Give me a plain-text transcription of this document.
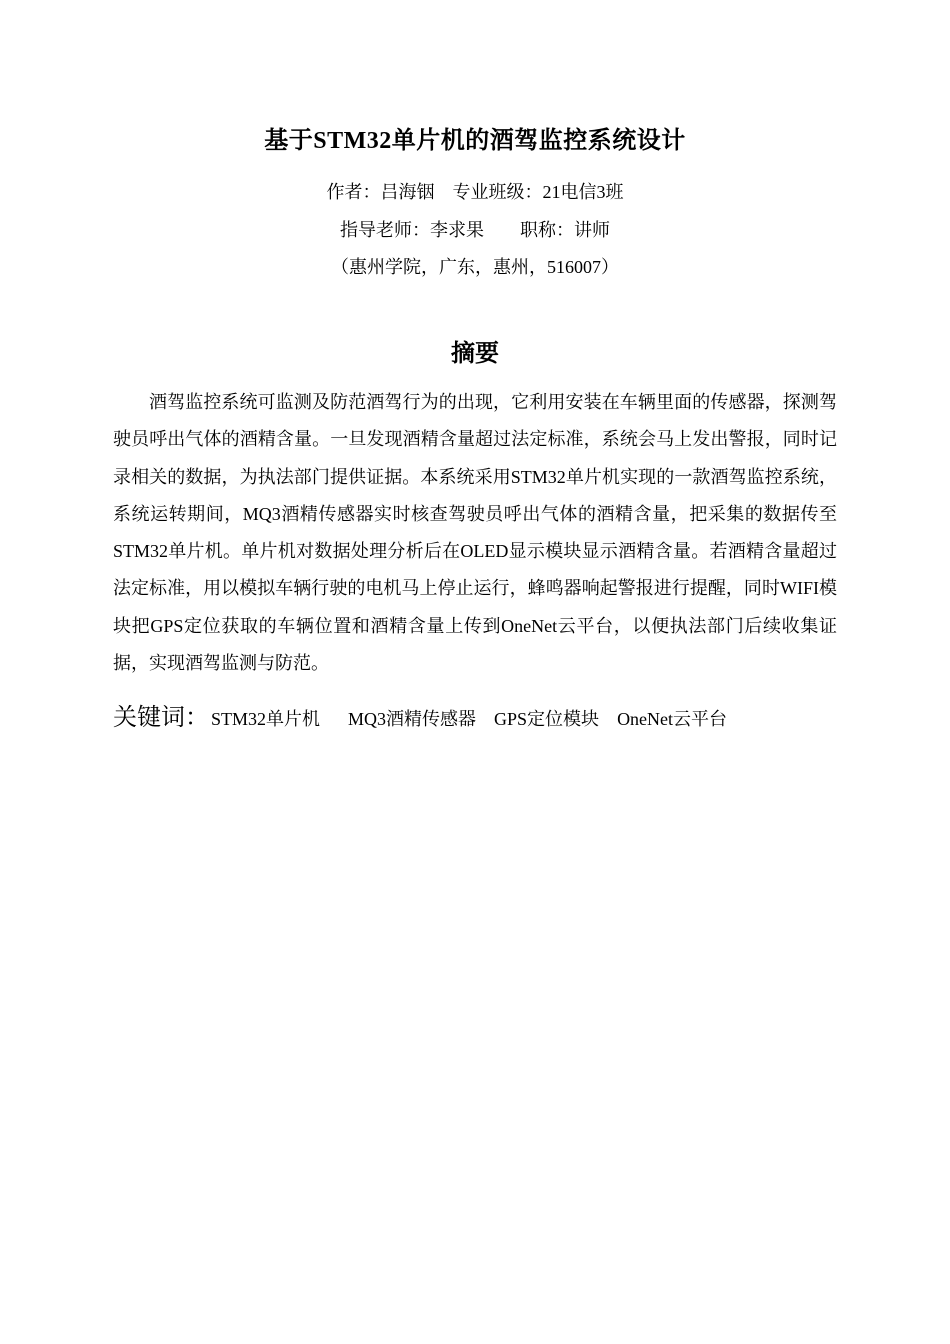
基于STM32单片机的酒驾监控系统设计
作者：吕海铟    专业班级：21电信3班
指导老师：李求果        职称：讲师
（惠州学院，广东，惠州，516007）
摘要

酒驾监控系统可监测及防范酒驾行为的出现，它利用安装在车辆里面的传感器，探测驾驶员呼出气体的酒精含量。一旦发现酒精含量超过法定标准，系统会马上发出警报，同时记录相关的数据，为执法部门提供证据。本系统采用STM32单片机实现的一款酒驾监控系统，系统运转期间，MQ3酒精传感器实时核查驾驶员呼出气体的酒精含量，把采集的数据传至STM32单片机。单片机对数据处理分析后在OLED显示模块显示酒精含量。若酒精含量超过法定标准，用以模拟车辆行驶的电机马上停止运行，蜂鸣器响起警报进行提醒，同时WIFI模块把GPS定位获取的车辆位置和酒精含量上传到OneNet云平台，以便执法部门后续收集证据，实现酒驾监测与防范。

关键词： STM32单片机 MQ3酒精传感器 GPS定位模块 OneNet云平台
